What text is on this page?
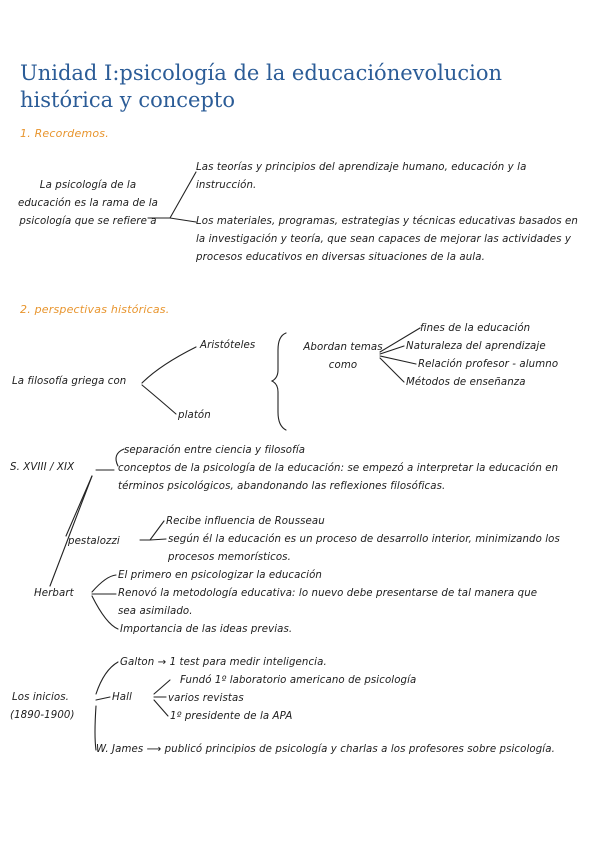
Unidad I:psicología de la educaciónevolucion histórica y concepto
1. Recordemos.
La psicología de la educación es la rama de la psicología que se refiere a
Las teorías y principios del aprendizaje humano, educación y la instrucción.
Los materiales, programas, estrategias y técnicas educativas basados en la investigación y teoría, que sean capaces de mejorar las actividades y procesos educativos en diversas situaciones de la aula.
2. perspectivas históricas.
La filosofía griega con
Aristóteles
platón
Abordan temas como
fines de la educación
Naturaleza del aprendizaje
Relación profesor - alumno
Métodos de enseñanza
S. XVIII / XIX
separación entre ciencia y filosofía
conceptos de la psicología de la educación: se empezó a interpretar la educación en términos psicológicos, abandonando las reflexiones filosóficas.
pestalozzi
Recibe influencia de Rousseau
según él la educación es un proceso de desarrollo interior, minimizando los procesos memorísticos.
Herbart
El primero en psicologizar la educación
Renovó la metodología educativa: lo nuevo debe presentarse de tal manera que sea asimilado.
Importancia de las ideas previas.
Los inicios.
(1890-1900)
Galton → 1 test para medir inteligencia.
Hall
Fundó 1º laboratorio americano de psicología
varios revistas
1º presidente de la APA
W. James ⟶ publicó principios de psicología y charlas a los profesores sobre psicología.
